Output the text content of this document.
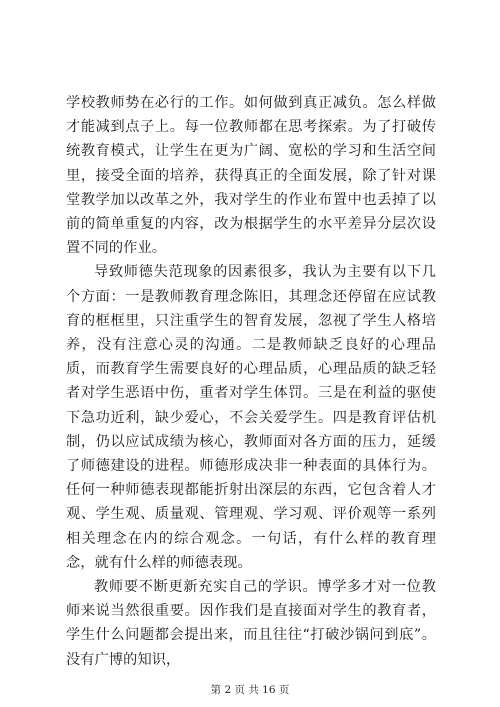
学校教师势在必行的工作。如何做到真正减负。怎么样做才能减到点子上。每一位教师都在思考探索。为了打破传统教育模式，让学生在更为广阔、宽松的学习和生活空间里，接受全面的培养，获得真正的全面发展，除了针对课堂教学加以改革之外，我对学生的作业布置中也丢掉了以前的简单重复的内容，改为根据学生的水平差异分层次设置不同的作业。

导致师德失范现象的因素很多，我认为主要有以下几个方面：一是教师教育理念陈旧，其理念还停留在应试教育的框框里，只注重学生的智育发展，忽视了学生人格培养，没有注意心灵的沟通。二是教师缺乏良好的心理品质，而教育学生需要良好的心理品质，心理品质的缺乏轻者对学生恶语中伤，重者对学生体罚。三是在利益的驱使下急功近利，缺少爱心，不会关爱学生。四是教育评估机制，仍以应试成绩为核心，教师面对各方面的压力，延缓了师德建设的进程。师德形成决非一种表面的具体行为。任何一种师德表现都能折射出深层的东西，它包含着人才观、学生观、质量观、管理观、学习观、评价观等一系列相关理念在内的综合观念。一句话，有什么样的教育理念，就有什么样的师德表现。

教师要不断更新充实自己的学识。博学多才对一位教师来说当然很重要。因作我们是直接面对学生的教育者，学生什么问题都会提出来，而且往往“打破沙锅问到底”。没有广博的知识，

第 2 页 共 16 页
